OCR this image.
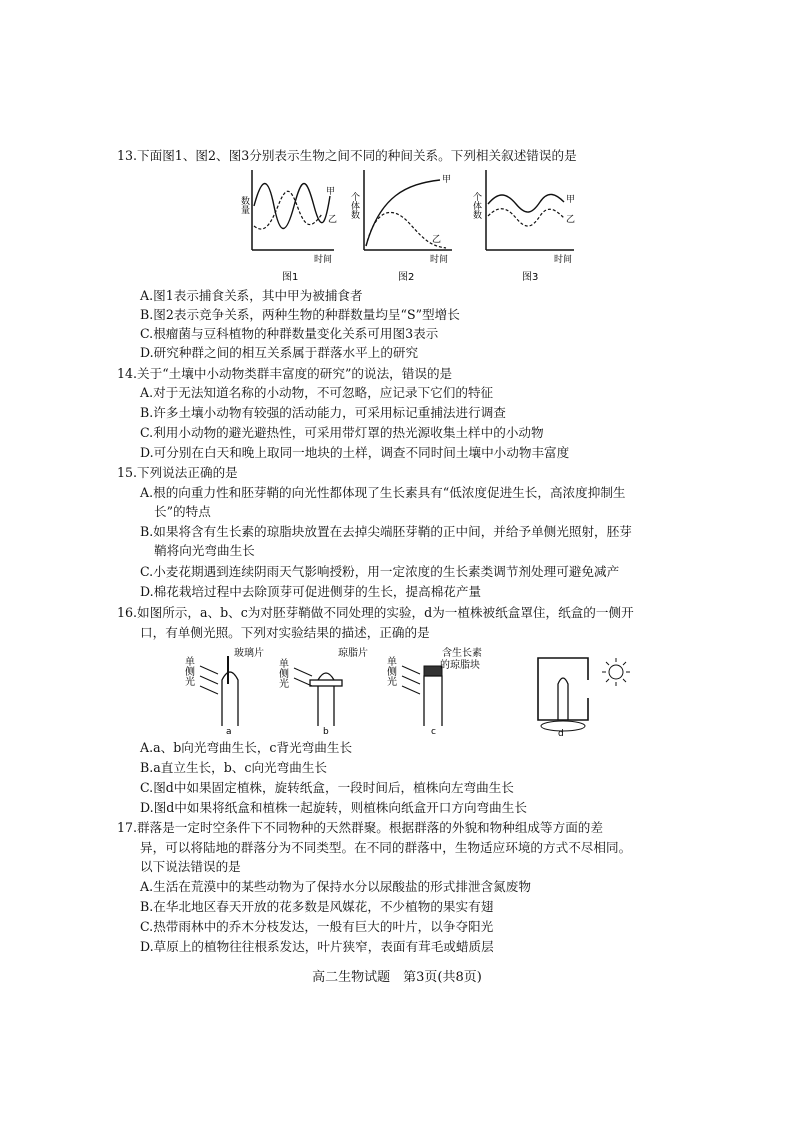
13.下面图1、图2、图3分别表示生物之间不同的种间关系。下列相关叙述错误的是
数量
甲
乙
时间
图1
个体数
甲
乙
时间
图2
个体数	甲
乙
时间
图3
A.图1表示捕食关系，其中甲为被捕食者
B.图2表示竞争关系，两种生物的种群数量均呈“S”型增长
C.根瘤菌与豆科植物的种群数量变化关系可用图3表示
D.研究种群之间的相互关系属于群落水平上的研究
14.关于“土壤中小动物类群丰富度的研究”的说法，错误的是
A.对于无法知道名称的小动物，不可忽略，应记录下它们的特征
B.许多土壤小动物有较强的活动能力，可采用标记重捕法进行调查
C.利用小动物的避光避热性，可采用带灯罩的热光源收集土样中的小动物
D.可分别在白天和晚上取同一地块的土样，调查不同时间土壤中小动物丰富度
15.下列说法正确的是
A.根的向重力性和胚芽鞘的向光性都体现了生长素具有“低浓度促进生长，高浓度抑制生
长”的特点
B.如果将含有生长素的琼脂块放置在去掉尖端胚芽鞘的正中间，并给予单侧光照射，胚芽
鞘将向光弯曲生长
C.小麦花期遇到连续阴雨天气影响授粉，用一定浓度的生长素类调节剂处理可避免减产
D.棉花栽培过程中去除顶芽可促进侧芽的生长，提高棉花产量
16.如图所示，a、b、c为对胚芽鞘做不同处理的实验，d为一植株被纸盒罩住，纸盒的一侧开
口，有单侧光照。下列对实验结果的描述，正确的是
单侧光
玻璃片
a
单侧光
琼脂片
b
单侧光
含生长素
的琼脂块
c	d
A.a、b向光弯曲生长，c背光弯曲生长
B.a直立生长，b、c向光弯曲生长
C.图d中如果固定植株，旋转纸盒，一段时间后，植株向左弯曲生长
D.图d中如果将纸盒和植株一起旋转，则植株向纸盒开口方向弯曲生长
17.群落是一定时空条件下不同物种的天然群聚。根据群落的外貌和物种组成等方面的差
异，可以将陆地的群落分为不同类型。在不同的群落中，生物适应环境的方式不尽相同。
以下说法错误的是
A.生活在荒漠中的某些动物为了保持水分以尿酸盐的形式排泄含氮废物
B.在华北地区春天开放的花多数是风媒花，不少植物的果实有翅
C.热带雨林中的乔木分枝发达，一般有巨大的叶片，以争夺阳光
D.草原上的植物往往根系发达，叶片狭窄，表面有茸毛或蜡质层
高二生物试题　第3页(共8页)
